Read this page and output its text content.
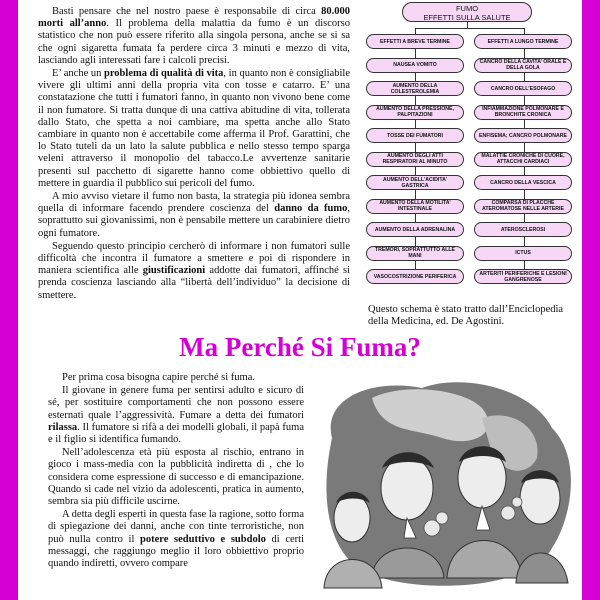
Basti pensare che nel nostro paese è responsabile di circa 80.000 morti all’anno. Il problema della malattia da fumo è un discorso statistico che non può essere riferito alla singola persona, anche se si sa che ogni sigaretta fumata fa perdere circa 3 minuti e mezzo di vita, lasciando agli interessati fare i calcoli precisi.

E’ anche un problema di qualità di vita, in quanto non è consigliabile vivere gli ultimi anni della propria vita con tosse e catarro. E’ una constatazione che tutti i fumatori fanno, in quanto non vivono bene come il non fumatore. Si tratta dunque di una cattiva abitudine di vita, tollerata dallo Stato, che spetta a noi cambiare, ma spetta anche allo Stato cambiare in quanto non è accettabile come afferma il Prof. Garattini, che lo Stato tuteli da un lato la salute pubblica e nello stesso tempo sparga veleni attraverso il monopolio del tabacco.Le avvertenze sanitarie presenti sul pacchetto di sigarette hanno come obbiettivo quello di mettere in guardia il pubblico sui pericoli del fumo.

A mio avviso vietare il fumo non basta, la strategia più idonea sembra quella di informare facendo prendere coscienza del danno da fumo, soprattutto sui giovanissimi, non è pensabile mettere un carabiniere dietro ogni fumatore.

Seguendo questo principio cercherò di informare i non fumatori sulle difficoltà che incontra il fumatore a smettere e poi di rispondere in maniera scientifica alle giustificazioni addotte dai fumatori, affinché si prenda coscienza lasciando alla “libertà dell’individuo” la decisione di smettere.

FUMO
EFFETTI SULLA SALUTE
EFFETTI A BREVE TERMINE
NAUSEA VOMITO
AUMENTO DELLA COLESTEROLEMIA
AUMENTO DELLA PRESSIONE, PALPITAZIONI
TOSSE DEI FUMATORI
AUMENTO DEGLI ATTI RESPIRATORI AL MINUTO
AUMENTO DELL’ACIDITA’ GASTRICA
AUMENTO DELLA MOTILITA’ INTESTINALE
AUMENTO DELLA ADRENALINA
TREMORI, SOPRATTUTTO ALLE MANI
VASOCOSTRIZIONE PERIFERICA
EFFETTI A LUNGO TERMINE
CANCRO DELLA CAVITA’ ORALE E DELLA GOLA
CANCRO DELL’ESOFAGO
INFIAMMAZIONE POLMONARE E BRONCHITE CRONICA
ENFISEMA; CANCRO POLMONARE
MALATTIE CRONICHE DI CUORE, ATTACCHI CARDIACI
CANCRO DELLA VESCICA
COMPARSA DI PLACCHE ATEROMATOSE NELLE ARTERIE
ATEROSCLEROSI
ICTUS
ARTERITI PERIFERICHE E LESIONI GANGRENOSE
Questo schema è stato tratto dall’Enciclopedia della Medicina, ed. De Agostini.
Ma Perché Si Fuma?

Per prima cosa bisogna capire perché si fuma.

Il giovane in genere fuma per sentirsi adulto e sicuro di sé, per sostituire comportamenti che non possono essere esternati quale l’aggressività. Fumare a detta dei fumatori rilassa. Il fumatore si rifà a dei modelli globali, il papà fuma e il figlio si identifica fumando.

Nell’adolescenza età più esposta al rischio, entrano in gioco i mass-media con la pubblicità indiretta di , che lo considera come espressione di successo e di emancipazione. Quando si cade nel vizio da adolescenti, pratica in aumento, sembra sia più difficile uscirne.

A detta degli esperti in questa fase la ragione, sotto forma di spiegazione dei danni, anche con tinte terroristiche, non può nulla contro il potere seduttivo e subdolo di certi messaggi, che raggiungo meglio il loro obbiettivo proprio quando indiretti, ovvero compare
